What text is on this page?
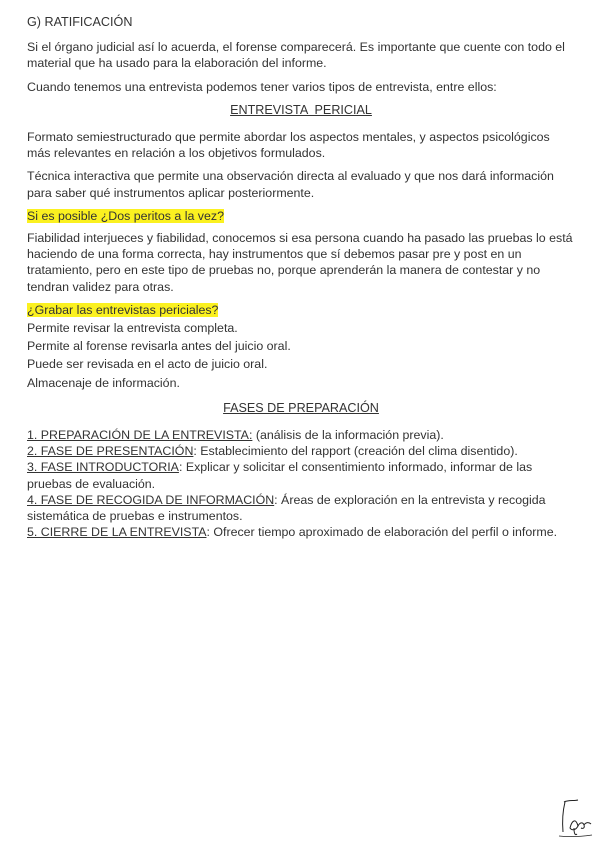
G) RATIFICACIÓN

Si el órgano judicial así lo acuerda, el forense comparecerá. Es importante que cuente con todo el material que ha usado para la elaboración del informe.

Cuando tenemos una entrevista podemos tener varios tipos de entrevista, entre ellos:

ENTREVISTA  PERICIAL

Formato semiestructurado que permite abordar los aspectos mentales, y aspectos psicológicos más relevantes en relación a los objetivos formulados.

Técnica interactiva que permite una observación directa al evaluado y que nos dará información para saber qué instrumentos aplicar posteriormente.

Si es posible ¿Dos peritos a la vez?

Fiabilidad interjueces y fiabilidad, conocemos si esa persona cuando ha pasado las pruebas lo está haciendo de una forma correcta, hay instrumentos que sí debemos pasar pre y post en un tratamiento, pero en este tipo de pruebas no, porque aprenderán la manera de contestar y no tendran validez para otras.

¿Grabar las entrevistas periciales?

Permite revisar la entrevista completa.
Permite al forense revisarla antes del juicio oral.
Puede ser revisada en el acto de juicio oral.
Almacenaje de información.
FASES DE PREPARACIÓN
1. PREPARACIÓN DE LA ENTREVISTA: (análisis de la información previa).
2. FASE DE PRESENTACIÓN: Establecimiento del rapport (creación del clima disentido).
3. FASE INTRODUCTORIA: Explicar y solicitar el consentimiento informado, informar de las pruebas de evaluación.
4. FASE DE RECOGIDA DE INFORMACIÓN: Áreas de exploración en la entrevista y recogida sistemática de pruebas e instrumentos.
5. CIERRE DE LA ENTREVISTA: Ofrecer tiempo aproximado de elaboración del perfil o informe.
